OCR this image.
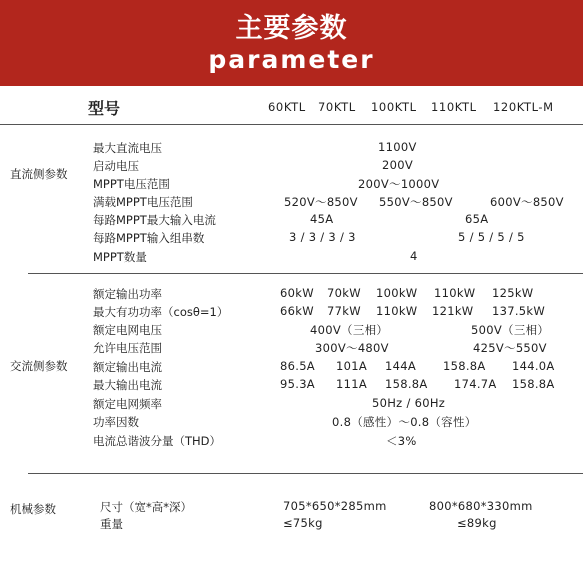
主要参数
parameter
型号	60KTL 70KTL 100KTL 110KTL 120KTL-M
直流侧参数
最大直流电压	1100V
启动电压	200V
MPPT电压范围	200V～1000V
满载MPPT电压范围	520V～850V 550V～850V	600V～850V
每路MPPT最大输入电流	45A	65A
每路MPPT输入组串数	3 / 3 / 3 / 3	5 / 5 / 5 / 5
MPPT数量	4
交流侧参数
额定输出功率	60kW 70kW 100kW 110kW 125kW
最大有功功率（cosθ=1）	66kW 77kW 110kW 121kW 137.5kW
额定电网电压	400V（三相）	500V（三相）
允许电压范围	300V～480V	425V～550V
额定输出电流	86.5A 101A 144A 158.8A 144.0A
最大输出电流	95.3A 111A 158.8A 174.7A 158.8A
额定电网频率	50Hz / 60Hz
功率因数	0.8（感性）～0.8（容性）
电流总谐波分量（THD）	＜3%
机械参数	尺寸（宽*高*深）	705*650*285mm	800*680*330mm
重量	≤75kg	≤89kg
